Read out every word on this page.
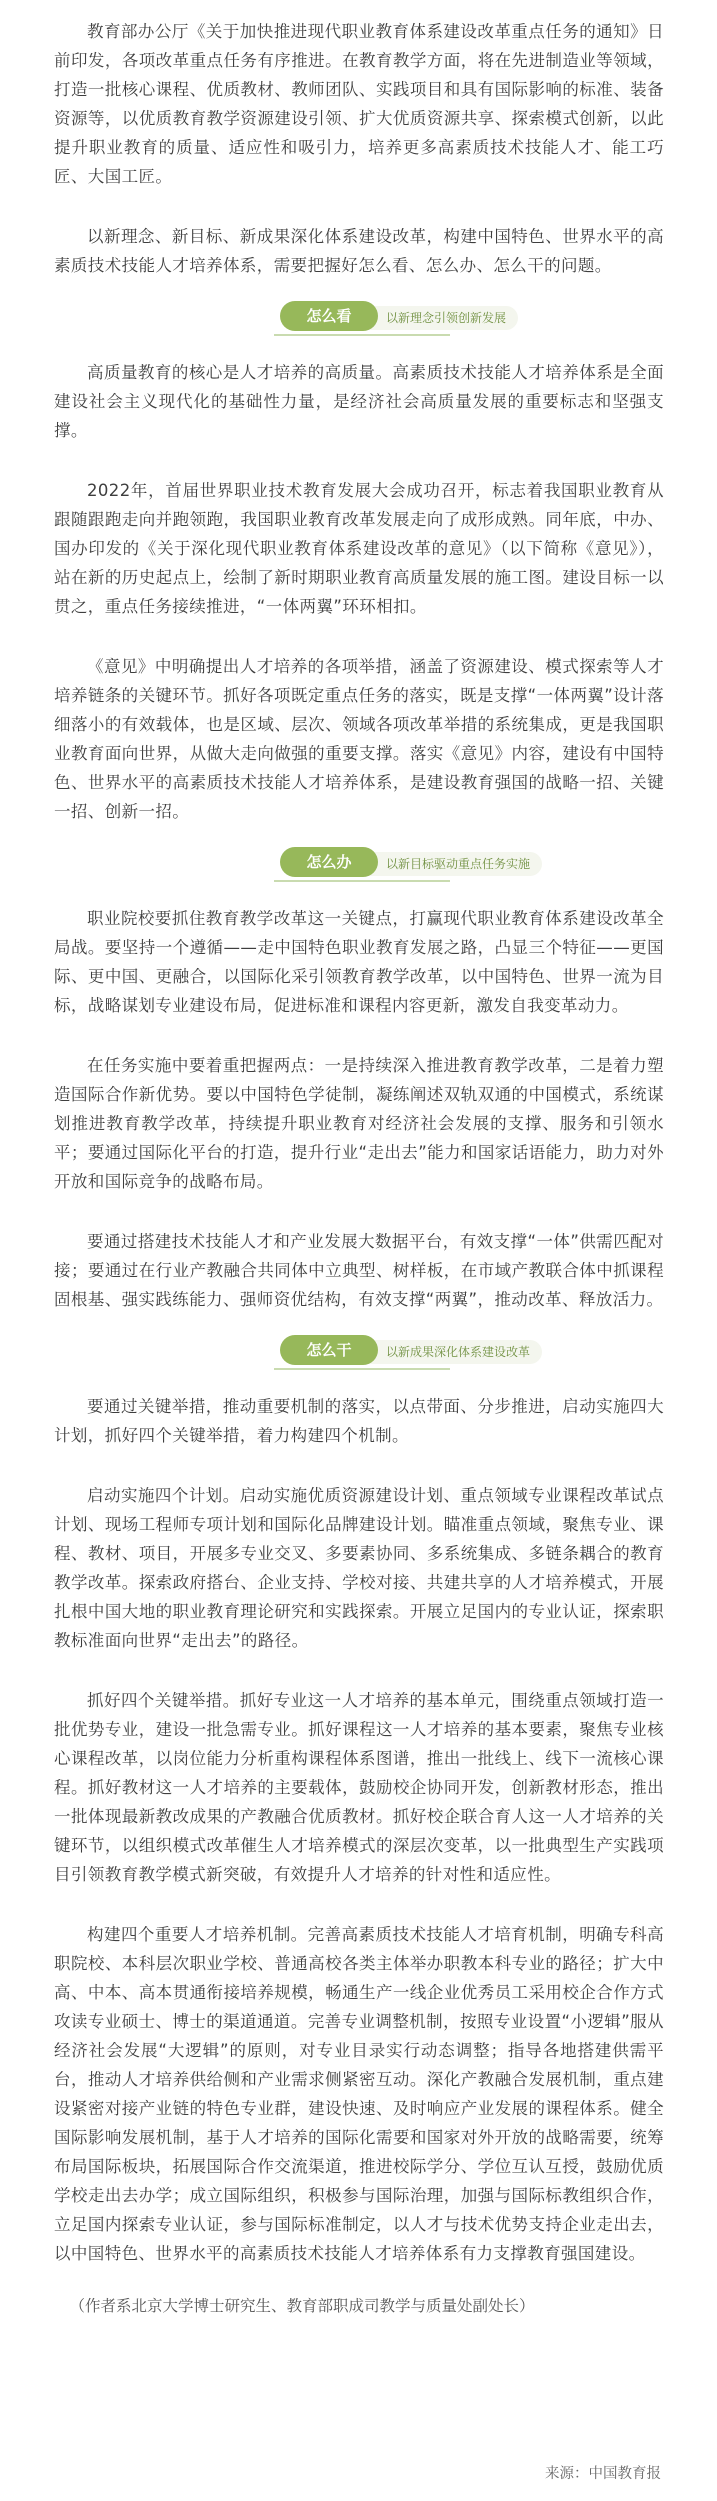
教育部办公厅《关于加快推进现代职业教育体系建设改革重点任务的通知》日前印发，各项改革重点任务有序推进。在教育教学方面，将在先进制造业等领域，打造一批核心课程、优质教材、教师团队、实践项目和具有国际影响的标准、装备资源等，以优质教育教学资源建设引领、扩大优质资源共享、探索模式创新，以此提升职业教育的质量、适应性和吸引力，培养更多高素质技术技能人才、能工巧匠、大国工匠。

以新理念、新目标、新成果深化体系建设改革，构建中国特色、世界水平的高素质技术技能人才培养体系，需要把握好怎么看、怎么办、怎么干的问题。

以新理念引领创新发展
怎么看

高质量教育的核心是人才培养的高质量。高素质技术技能人才培养体系是全面建设社会主义现代化的基础性力量，是经济社会高质量发展的重要标志和坚强支撑。

2022年，首届世界职业技术教育发展大会成功召开，标志着我国职业教育从跟随跟跑走向并跑领跑，我国职业教育改革发展走向了成形成熟。同年底，中办、国办印发的《关于深化现代职业教育体系建设改革的意见》（以下简称《意见》），站在新的历史起点上，绘制了新时期职业教育高质量发展的施工图。建设目标一以贯之，重点任务接续推进，“一体两翼”环环相扣。

《意见》中明确提出人才培养的各项举措，涵盖了资源建设、模式探索等人才培养链条的关键环节。抓好各项既定重点任务的落实，既是支撑“一体两翼”设计落细落小的有效载体，也是区域、层次、领域各项改革举措的系统集成，更是我国职业教育面向世界，从做大走向做强的重要支撑。落实《意见》内容，建设有中国特色、世界水平的高素质技术技能人才培养体系，是建设教育强国的战略一招、关键一招、创新一招。

以新目标驱动重点任务实施
怎么办

职业院校要抓住教育教学改革这一关键点，打赢现代职业教育体系建设改革全局战。要坚持一个遵循——走中国特色职业教育发展之路，凸显三个特征——更国际、更中国、更融合，以国际化采引领教育教学改革，以中国特色、世界一流为目标，战略谋划专业建设布局，促进标准和课程内容更新，激发自我变革动力。

在任务实施中要着重把握两点：一是持续深入推进教育教学改革，二是着力塑造国际合作新优势。要以中国特色学徒制，凝练阐述双轨双通的中国模式，系统谋划推进教育教学改革，持续提升职业教育对经济社会发展的支撑、服务和引领水平；要通过国际化平台的打造，提升行业“走出去”能力和国家话语能力，助力对外开放和国际竞争的战略布局。

要通过搭建技术技能人才和产业发展大数据平台，有效支撑“一体”供需匹配对接；要通过在行业产教融合共同体中立典型、树样板，在市域产教联合体中抓课程固根基、强实践练能力、强师资优结构，有效支撑“两翼”，推动改革、释放活力。

以新成果深化体系建设改革
怎么干

要通过关键举措，推动重要机制的落实，以点带面、分步推进，启动实施四大计划，抓好四个关键举措，着力构建四个机制。

启动实施四个计划。启动实施优质资源建设计划、重点领域专业课程改革试点计划、现场工程师专项计划和国际化品牌建设计划。瞄准重点领域，聚焦专业、课程、教材、项目，开展多专业交叉、多要素协同、多系统集成、多链条耦合的教育教学改革。探索政府搭台、企业支持、学校对接、共建共享的人才培养模式，开展扎根中国大地的职业教育理论研究和实践探索。开展立足国内的专业认证，探索职教标准面向世界“走出去”的路径。

抓好四个关键举措。抓好专业这一人才培养的基本单元，围绕重点领域打造一批优势专业，建设一批急需专业。抓好课程这一人才培养的基本要素，聚焦专业核心课程改革，以岗位能力分析重构课程体系图谱，推出一批线上、线下一流核心课程。抓好教材这一人才培养的主要载体，鼓励校企协同开发，创新教材形态，推出一批体现最新教改成果的产教融合优质教材。抓好校企联合育人这一人才培养的关键环节，以组织模式改革催生人才培养模式的深层次变革，以一批典型生产实践项目引领教育教学模式新突破，有效提升人才培养的针对性和适应性。

构建四个重要人才培养机制。完善高素质技术技能人才培育机制，明确专科高职院校、本科层次职业学校、普通高校各类主体举办职教本科专业的路径；扩大中高、中本、高本贯通衔接培养规模，畅通生产一线企业优秀员工采用校企合作方式攻读专业硕士、博士的渠道通道。完善专业调整机制，按照专业设置“小逻辑”服从经济社会发展“大逻辑”的原则，对专业目录实行动态调整；指导各地搭建供需平台，推动人才培养供给侧和产业需求侧紧密互动。深化产教融合发展机制，重点建设紧密对接产业链的特色专业群，建设快速、及时响应产业发展的课程体系。健全国际影响发展机制，基于人才培养的国际化需要和国家对外开放的战略需要，统筹布局国际板块，拓展国际合作交流渠道，推进校际学分、学位互认互授，鼓励优质学校走出去办学；成立国际组织，积极参与国际治理，加强与国际标教组织合作，立足国内探索专业认证，参与国际标准制定，以人才与技术优势支持企业走出去，以中国特色、世界水平的高素质技术技能人才培养体系有力支撑教育强国建设。

（作者系北京大学博士研究生、教育部职成司教学与质量处副处长）

来源：中国教育报
